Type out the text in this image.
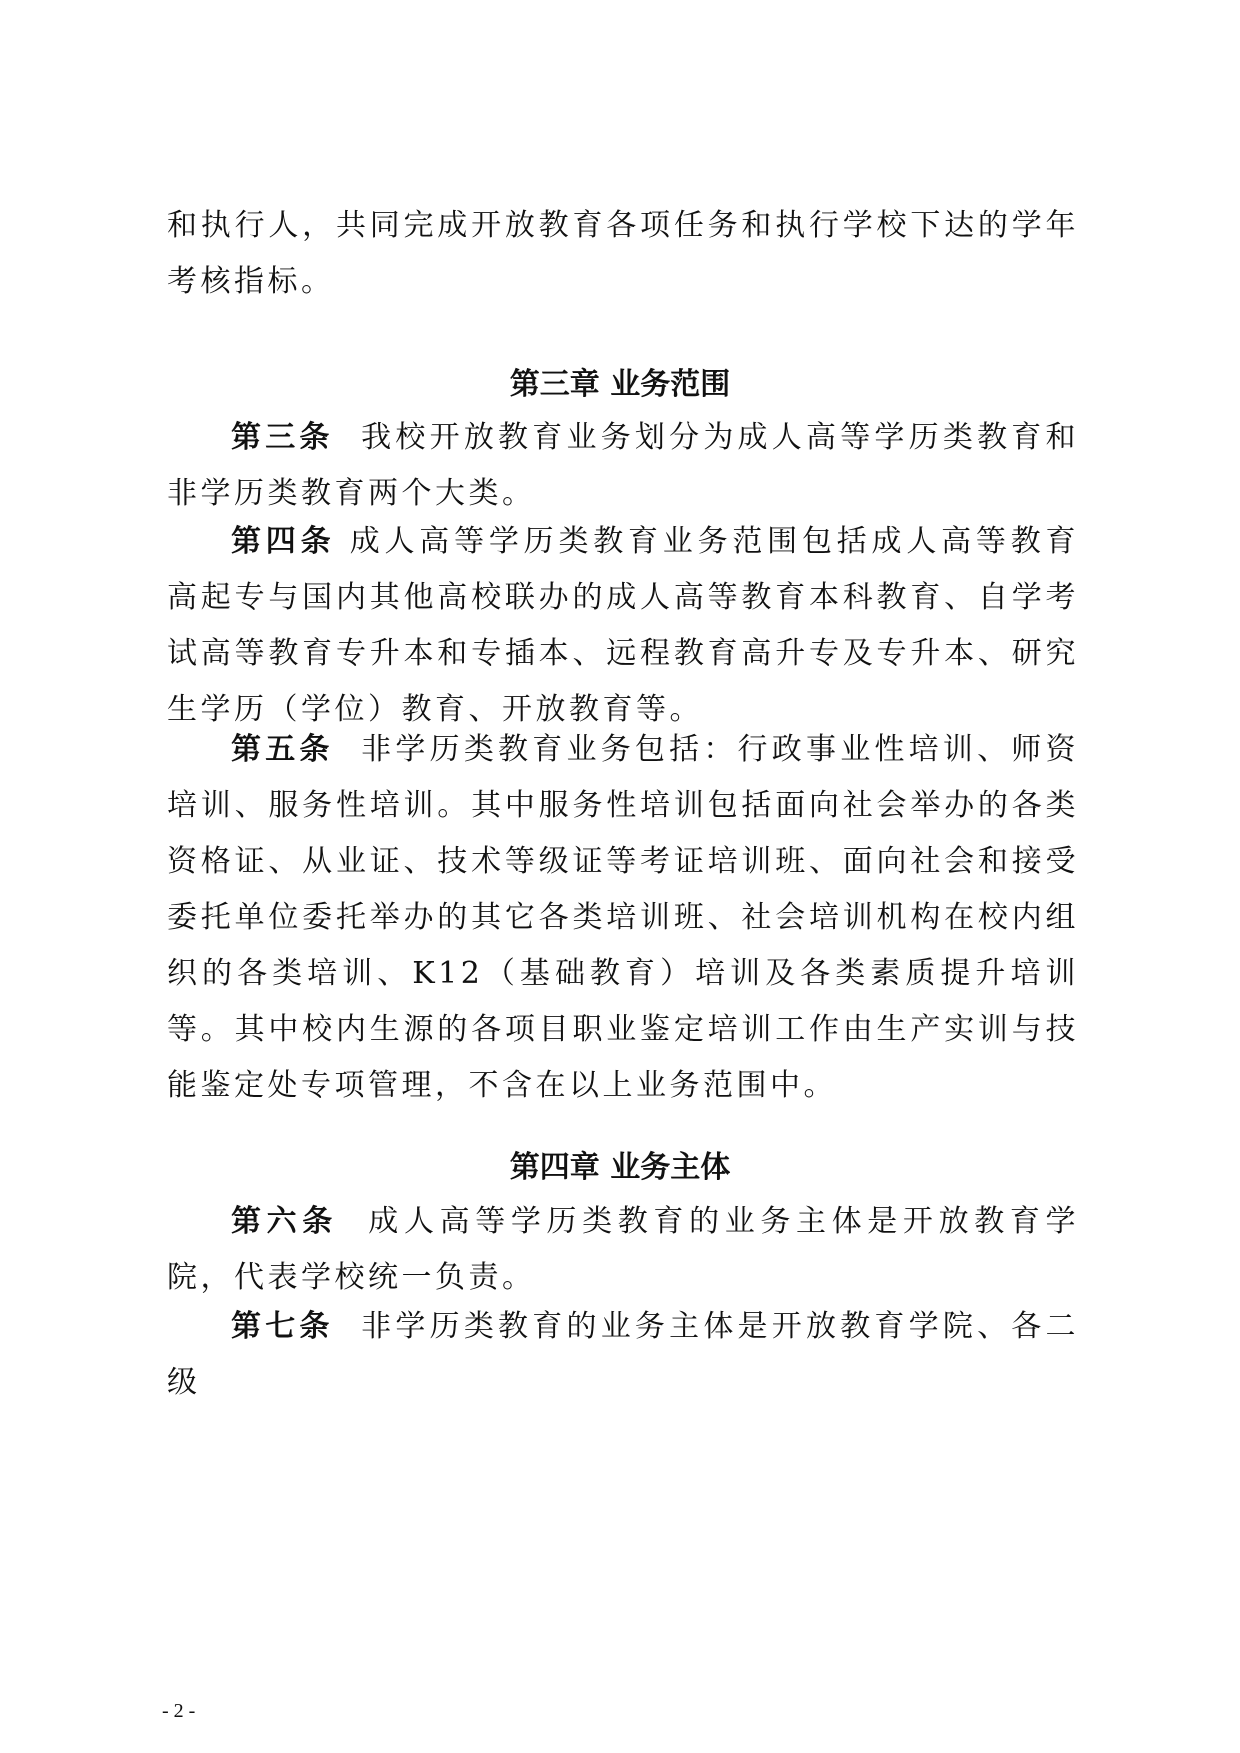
和执行人，共同完成开放教育各项任务和执行学校下达的学年考核指标。
第三章 业务范围
第三条 我校开放教育业务划分为成人高等学历类教育和非学历类教育两个大类。
第四条 成人高等学历类教育业务范围包括成人高等教育高起专与国内其他高校联办的成人高等教育本科教育、自学考试高等教育专升本和专插本、远程教育高升专及专升本、研究生学历（学位）教育、开放教育等。
第五条 非学历类教育业务包括：行政事业性培训、师资培训、服务性培训。其中服务性培训包括面向社会举办的各类资格证、从业证、技术等级证等考证培训班、面向社会和接受委托单位委托举办的其它各类培训班、社会培训机构在校内组织的各类培训、K12（基础教育）培训及各类素质提升培训等。其中校内生源的各项目职业鉴定培训工作由生产实训与技能鉴定处专项管理，不含在以上业务范围中。
第四章 业务主体
第六条 成人高等学历类教育的业务主体是开放教育学院，代表学校统一负责。
第七条 非学历类教育的业务主体是开放教育学院、各二级
- 2 -
